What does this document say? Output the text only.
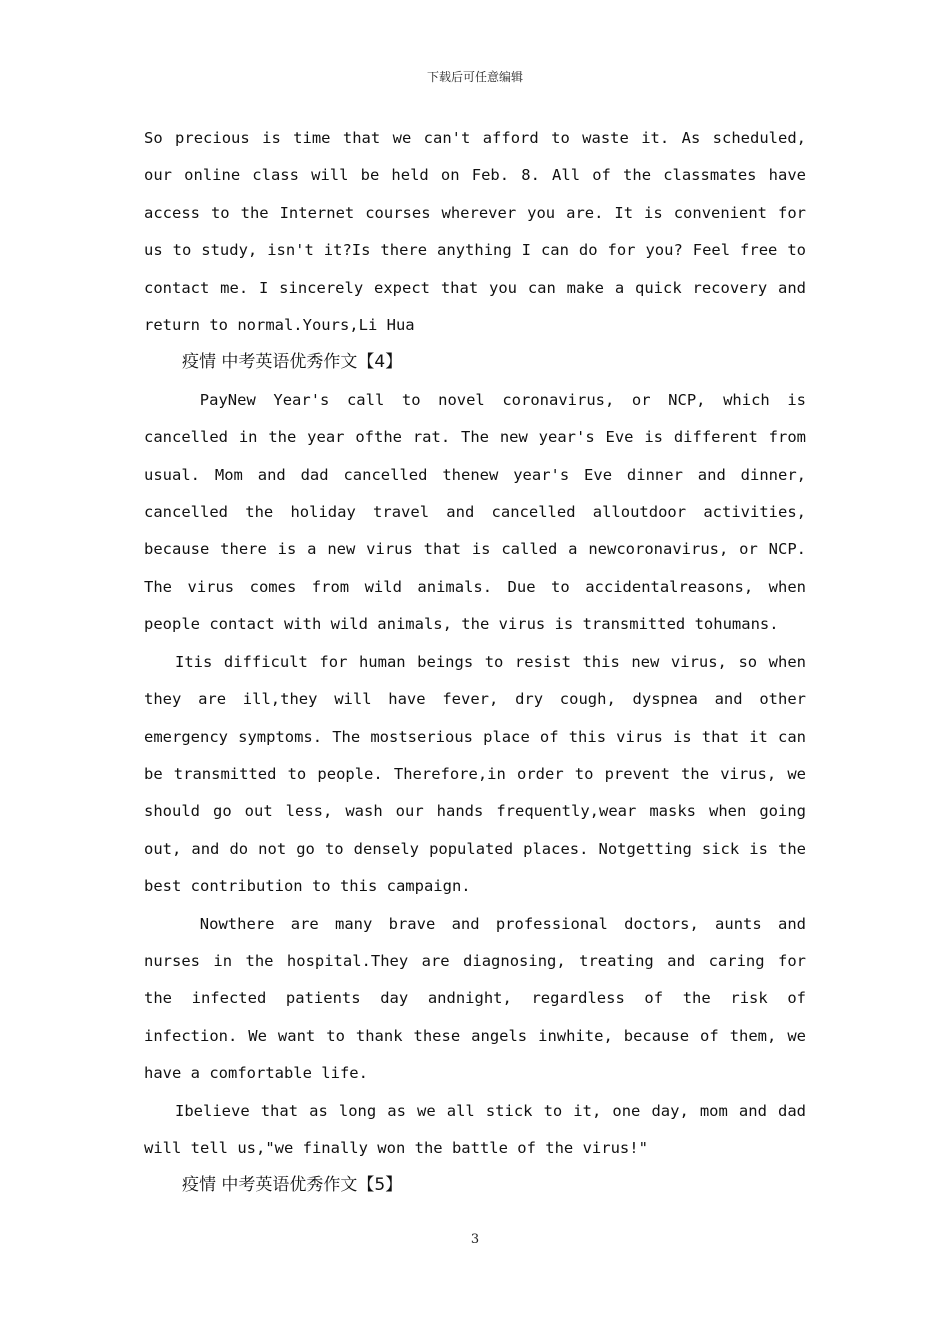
下载后可任意编辑

So precious is time that we can't afford to waste it. As scheduled, our online class will be held on Feb. 8. All of the classmates have access to the Internet courses wherever you are. It is convenient for us to study, isn't it?Is there anything I can do for you? Feel free to contact me. I sincerely expect that you can make a quick recovery and return to normal.Yours,Li Hua

疫情 中考英语优秀作文【4】

PayNew Year's call to novel coronavirus, or NCP, which is cancelled in the year ofthe rat. The new year's Eve is different from usual. Mom and dad cancelled thenew year's Eve dinner and dinner, cancelled the holiday travel and cancelled alloutdoor activities, because there is a new virus that is called a newcoronavirus, or NCP. The virus comes from wild animals. Due to accidentalreasons, when people contact with wild animals, the virus is transmitted tohumans.

Itis difficult for human beings to resist this new virus, so when they are ill,they will have fever, dry cough, dyspnea and other emergency symptoms. The mostserious place of this virus is that it can be transmitted to people. Therefore,in order to prevent the virus, we should go out less, wash our hands frequently,wear masks when going out, and do not go to densely populated places. Notgetting sick is the best contribution to this campaign.

Nowthere are many brave and professional doctors, aunts and nurses in the hospital.They are diagnosing, treating and caring for the infected patients day andnight, regardless of the risk of infection. We want to thank these angels inwhite, because of them, we have a comfortable life.

Ibelieve that as long as we all stick to it, one day, mom and dad will tell us,"we finally won the battle of the virus!"

疫情 中考英语优秀作文【5】
3
